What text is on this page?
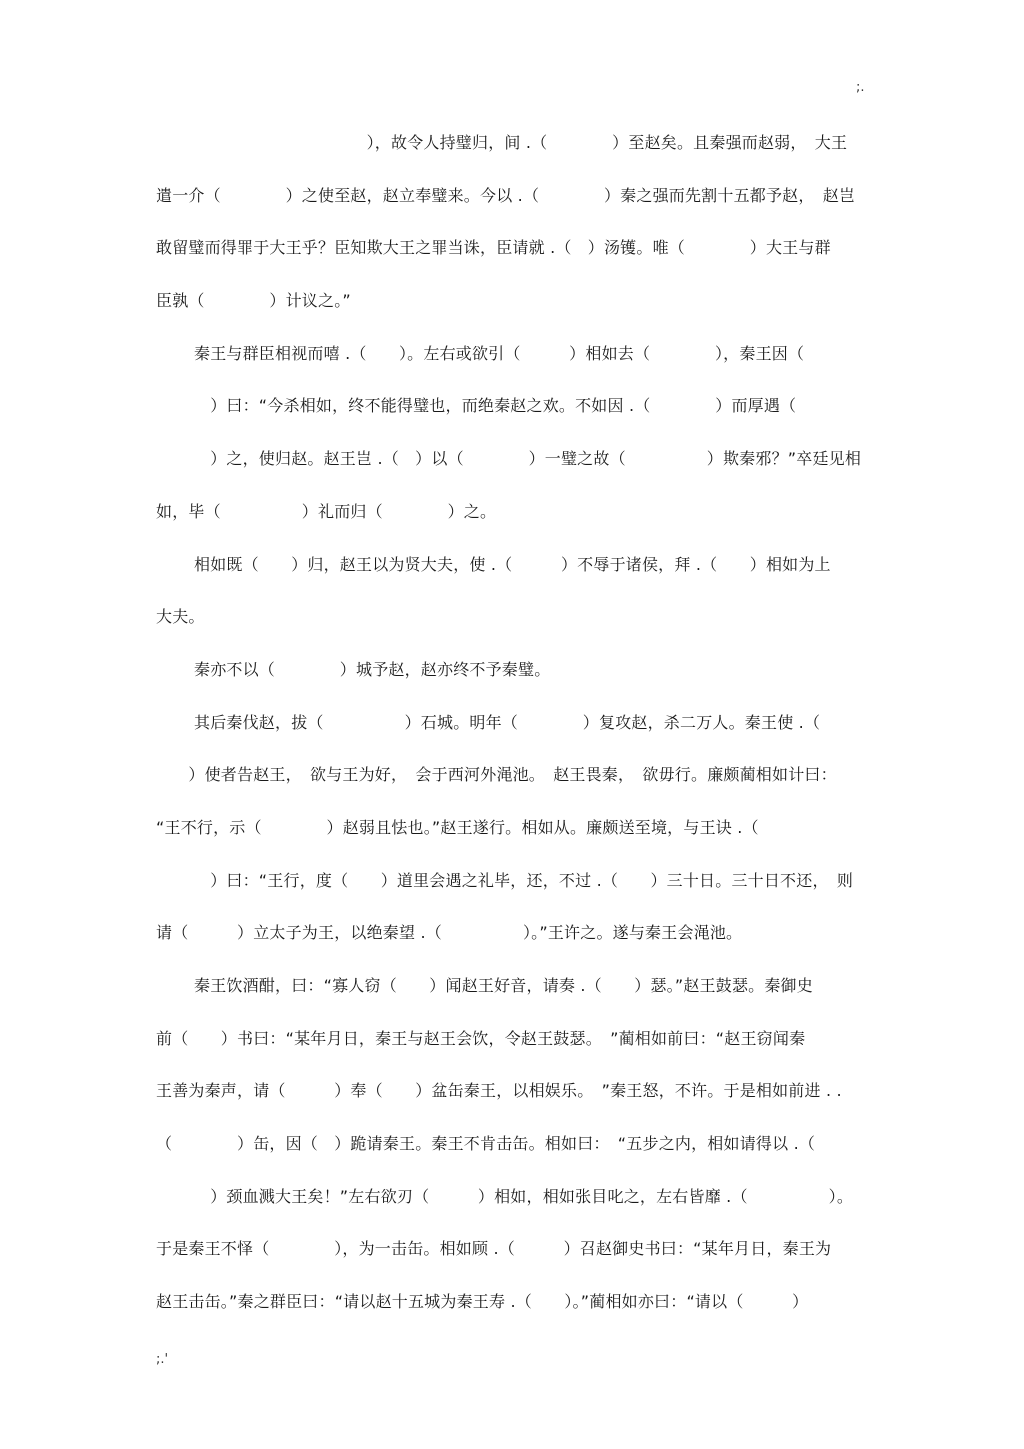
;.
　　　　　　　　　　　　　），故令人持璧归，间 .（　　　　）至赵矣。且秦强而赵弱，　大王
遣一介（　　　　）之使至赵，赵立奉璧来。今以 .（　　　　）秦之强而先割十五都予赵，　赵岂
敢留璧而得罪于大王乎？臣知欺大王之罪当诛，臣请就 .（　）汤镬。唯（　　　　）大王与群
臣孰（　　　　）计议之。”
秦王与群臣相视而嘻 .（　　）。左右或欲引（　　　）相如去（　　　　），秦王因（
　）曰：“今杀相如，终不能得璧也，而绝秦赵之欢。不如因 .（　　　　）而厚遇（
　）之，使归赵。赵王岂 .（　）以（　　　　）一璧之故（　　　　　）欺秦邪？”卒廷见相
如，毕（　　　　　）礼而归（　　　　）之。
相如既（　　）归，赵王以为贤大夫，使 .（　　　）不辱于诸侯，拜 .（　　）相如为上
大夫。
秦亦不以（　　　　）城予赵，赵亦终不予秦璧。
其后秦伐赵，拔（　　　　　）石城。明年（　　　　）复攻赵，杀二万人。秦王使 .（
　　）使者告赵王，　欲与王为好，　会于西河外渑池。　赵王畏秦，　欲毋行。廉颇蔺相如计曰：
“王不行，示（　　　　）赵弱且怯也。”赵王遂行。相如从。廉颇送至境，与王诀 .（
　）曰：“王行，度（　　）道里会遇之礼毕，还，不过 .（　　）三十日。三十日不还，　则
请（　　　）立太子为王，以绝秦望 .（　　　　　）。”王许之。遂与秦王会渑池。
秦王饮酒酣，曰：“寡人窃（　　）闻赵王好音，请奏 .（　　）瑟。”赵王鼓瑟。秦御史
前（　　）书曰：“某年月日，秦王与赵王会饮，令赵王鼓瑟。　”蔺相如前曰：“赵王窃闻秦
王善为秦声，请（　　　）奉（　　）盆缶秦王，以相娱乐。　”秦王怒，不许。于是相如前进 . .
（　　　　）缶，因（　）跪请秦王。秦王不肯击缶。相如曰：　“五步之内，相如请得以 .（
　）颈血溅大王矣！”左右欲刃（　　　）相如，相如张目叱之，左右皆靡 .（　　　　　）。
于是秦王不怿（　　　　），为一击缶。相如顾 .（　　　）召赵御史书曰：“某年月日，秦王为
赵王击缶。”秦之群臣曰：“请以赵十五城为秦王寿 .（　　）。”蔺相如亦曰：“请以（　　　）
;.'
